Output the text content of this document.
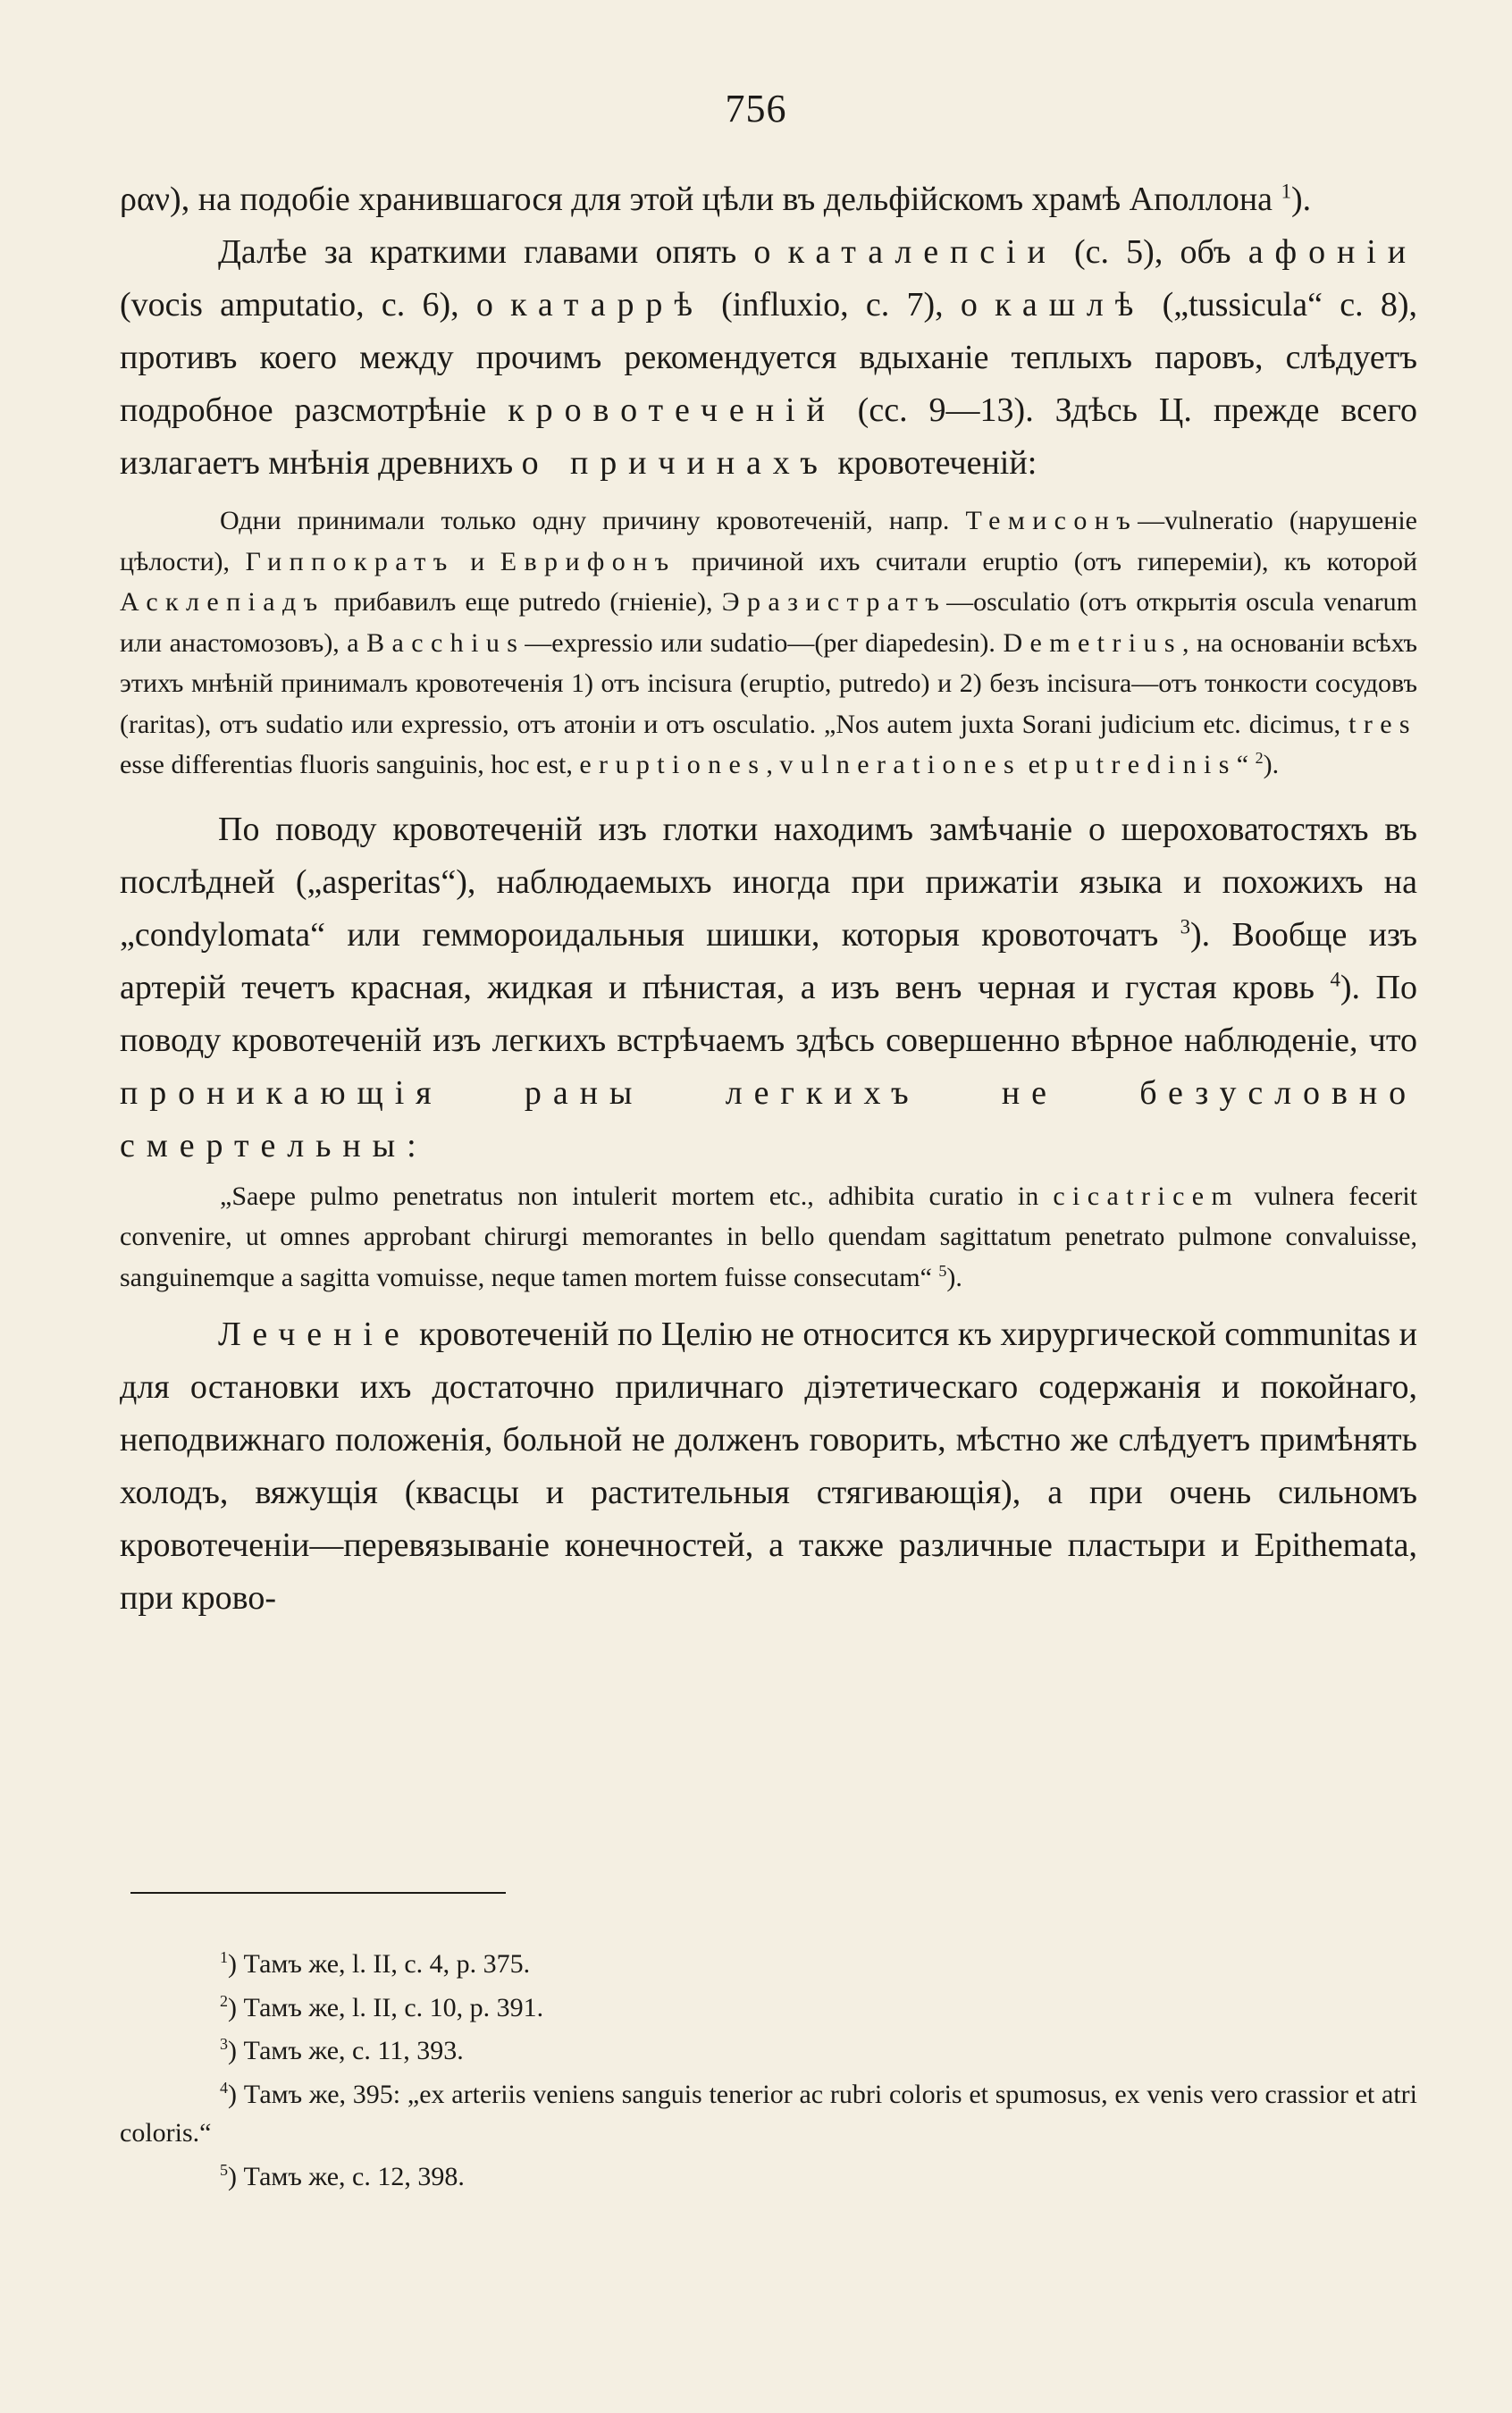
756

ραν), на подобіе хранившагося для этой цѣли въ дельфійскомъ храмѣ Аполлона $^1$).

Далѣе за краткими главами опять о каталепсіи (с. 5), объ афоніи (vocis amputatio, с. 6), о катаррѣ (influxio, с. 7), о кашлѣ („tussicula“ с. 8), противъ коего между прочимъ рекомендуется вдыханіе теплыхъ паровъ, слѣдуетъ подробное разсмотрѣніе кровотеченій (сс. 9—13). Здѣсь Ц. прежде всего излагаетъ мнѣнія древнихъ о причинахъ кровотеченій:

Одни принимали только одну причину кровотеченій, напр. Темисонъ—vulneratio (нарушеніе цѣлости), Гиппократъ и Еврифонъ причиной ихъ считали eruptio (отъ гипереміи), къ которой Асклепіадъ прибавилъ еще putredo (гніеніе), Эразистратъ—osculatio (отъ открытія oscula venarum или анастомозовъ), а Bacchius—expressio или sudatio—(per diapedesin). Demetrius, на основаніи всѣхъ этихъ мнѣній принималъ кровотеченія 1) отъ incisura (eruptio, putredo) и 2) безъ incisura—отъ тонкости сосудовъ (raritas), отъ sudatio или expressio, отъ атоніи и отъ osculatio. „Nos autem juxta Sorani judicium etc. dicimus, tres esse differentias fluoris sanguinis, hoc est, eruptiones, vulnerationes et putredinis“ $^2$).

По поводу кровотеченій изъ глотки находимъ замѣчаніе о шероховатостяхъ въ послѣдней („asperitas“), наблюдаемыхъ иногда при прижатіи языка и похожихъ на „condylomata“ или геммороидальныя шишки, которыя кровоточатъ $^3$). Вообще изъ артерій течетъ красная, жидкая и пѣнистая, а изъ венъ черная и густая кровь $^4$). По поводу кровотеченій изъ легкихъ встрѣчаемъ здѣсь совершенно вѣрное наблюденіе, что проникающія раны легкихъ не безусловно смертельны:

„Saepe pulmo penetratus non intulerit mortem etc., adhibita curatio in cicatricem vulnera fecerit convenire, ut omnes approbant chirurgi memorantes in bello quendam sagittatum penetrato pulmone convaluisse, sanguinemque a sagitta vomuisse, neque tamen mortem fuisse consecutam“ $^5$).

Леченіе кровотеченій по Целію не относится къ хирургической communitas и для остановки ихъ достаточно приличнаго діэтетическаго содержанія и покойнаго, неподвижнаго положенія, больной не долженъ говорить, мѣстно же слѣдуетъ примѣнять холодъ, вяжущія (квасцы и растительныя стягивающія), а при очень сильномъ кровотеченіи—перевязываніе конечностей, а также различные пластыри и Epithemata, при крово-

$^1$) Тамъ же, l. II, c. 4, p. 375.

$^2$) Тамъ же, l. II, c. 10, p. 391.

$^3$) Тамъ же, c. 11, 393.

$^4$) Тамъ же, 395: „ex arteriis veniens sanguis tenerior ac rubri coloris et spumosus, ex venis vero crassior et atri coloris.“

$^5$) Тамъ же, c. 12, 398.
